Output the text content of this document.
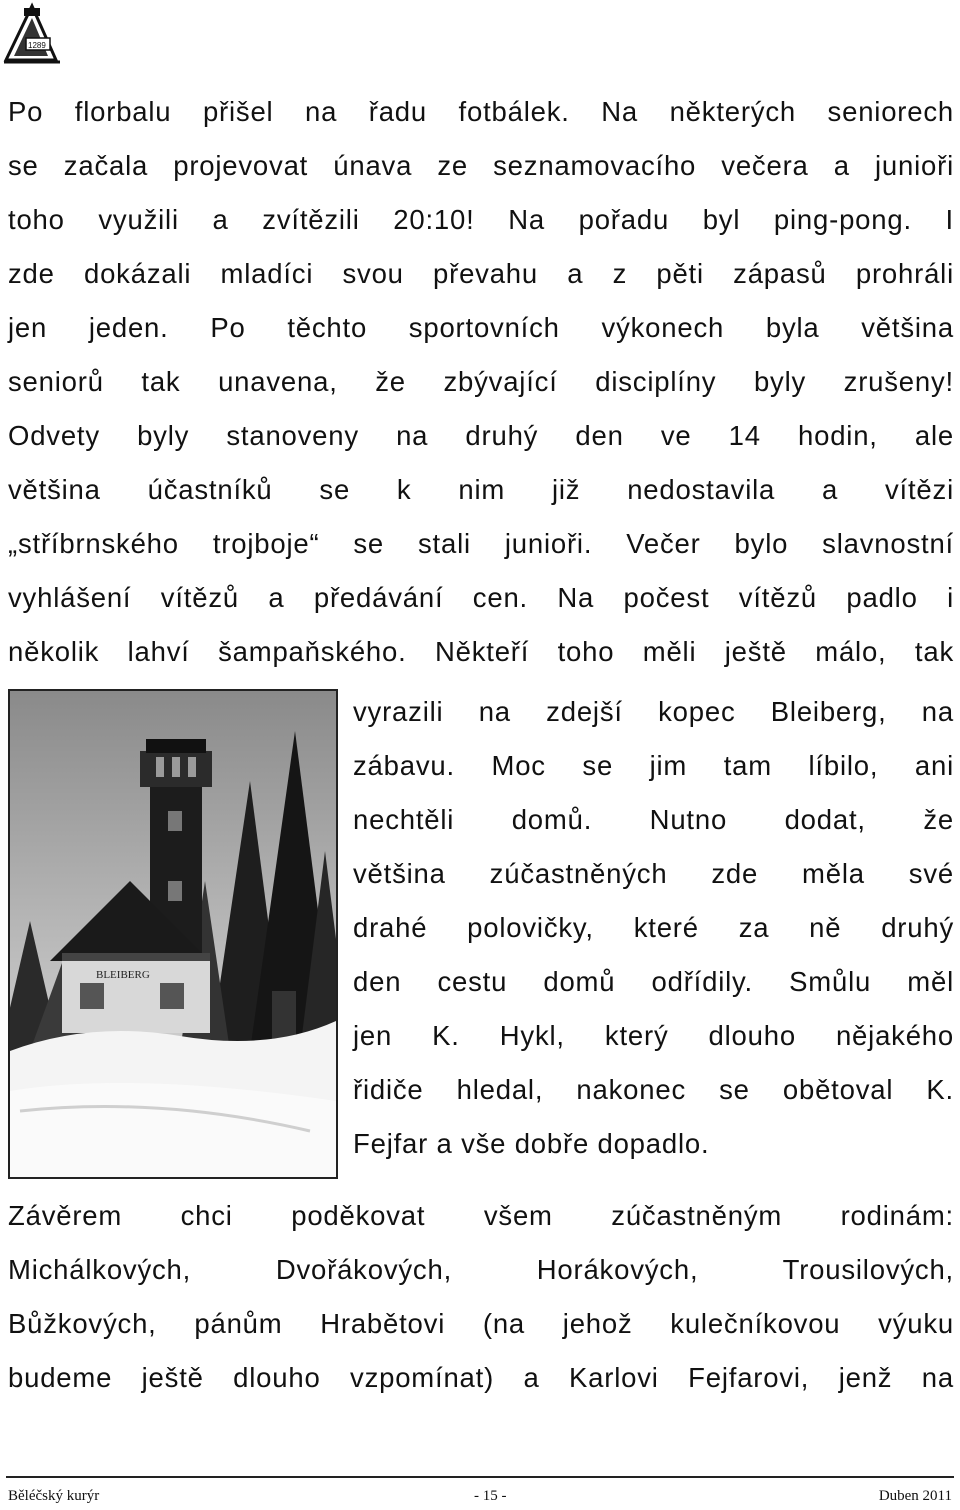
1289
Po florbalu přišel na řadu fotbálek. Na některých seniorech
se začala projevovat únava ze seznamovacího večera a junioři
toho využili a zvítězili 20:10! Na pořadu byl ping-pong. I
zde dokázali mladíci svou převahu a z pěti zápasů prohráli
jen jeden. Po těchto sportovních výkonech byla většina
seniorů tak unavena, že zbývající disciplíny byly zrušeny!
Odvety byly stanoveny na druhý den ve 14 hodin, ale
většina účastníků se k nim již nedostavila a vítězi
„stříbrnského trojboje“ se stali junioři. Večer bylo slavnostní
vyhlášení vítězů a předávání cen. Na počest vítězů padlo i
několik lahví šampaňského. Někteří toho měli ještě málo, tak
BLEIBERG
vyrazili na zdejší kopec Bleiberg, na
zábavu. Moc se jim tam líbilo, ani
nechtěli domů. Nutno dodat, že
většina zúčastněných zde měla své
drahé polovičky, které za ně druhý
den cestu domů odřídily. Smůlu měl
jen K. Hykl, který dlouho nějakého
řidiče hledal, nakonec se obětoval K.
Fejfar a vše dobře dopadlo.
Závěrem chci poděkovat všem zúčastněným rodinám:
Michálkových, Dvořákových, Horákových, Trousilových,
Bůžkových, pánům Hrabětovi (na jehož kulečníkovou výuku
budeme ještě dlouho vzpomínat) a Karlovi Fejfarovi, jenž na
Běléčský kurýr	- 15 -	Duben 2011
